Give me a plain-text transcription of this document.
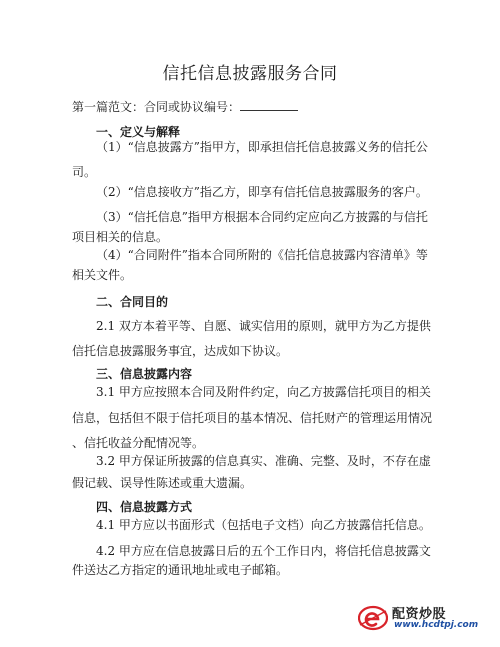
信托信息披露服务合同
第一篇范文：合同或协议编号：
一、定义与解释
（1）“信息披露方”指甲方，即承担信托信息披露义务的信托公
司。
（2）“信息接收方”指乙方，即享有信托信息披露服务的客户。
（3）“信托信息”指甲方根据本合同约定应向乙方披露的与信托
项目相关的信息。
（4）“合同附件”指本合同所附的《信托信息披露内容清单》等
相关文件。
二、合同目的
2.1 双方本着平等、自愿、诚实信用的原则，就甲方为乙方提供
信托信息披露服务事宜，达成如下协议。
三、信息披露内容
3.1 甲方应按照本合同及附件约定，向乙方披露信托项目的相关
信息，包括但不限于信托项目的基本情况、信托财产的管理运用情况
、信托收益分配情况等。
3.2 甲方保证所披露的信息真实、准确、完整、及时，不存在虚
假记载、误导性陈述或重大遗漏。
四、信息披露方式
4.1 甲方应以书面形式（包括电子文档）向乙方披露信托信息。
4.2 甲方应在信息披露日后的五个工作日内，将信托信息披露文
件送达乙方指定的通讯地址或电子邮箱。
配资炒股
www.hcdtpj.com
